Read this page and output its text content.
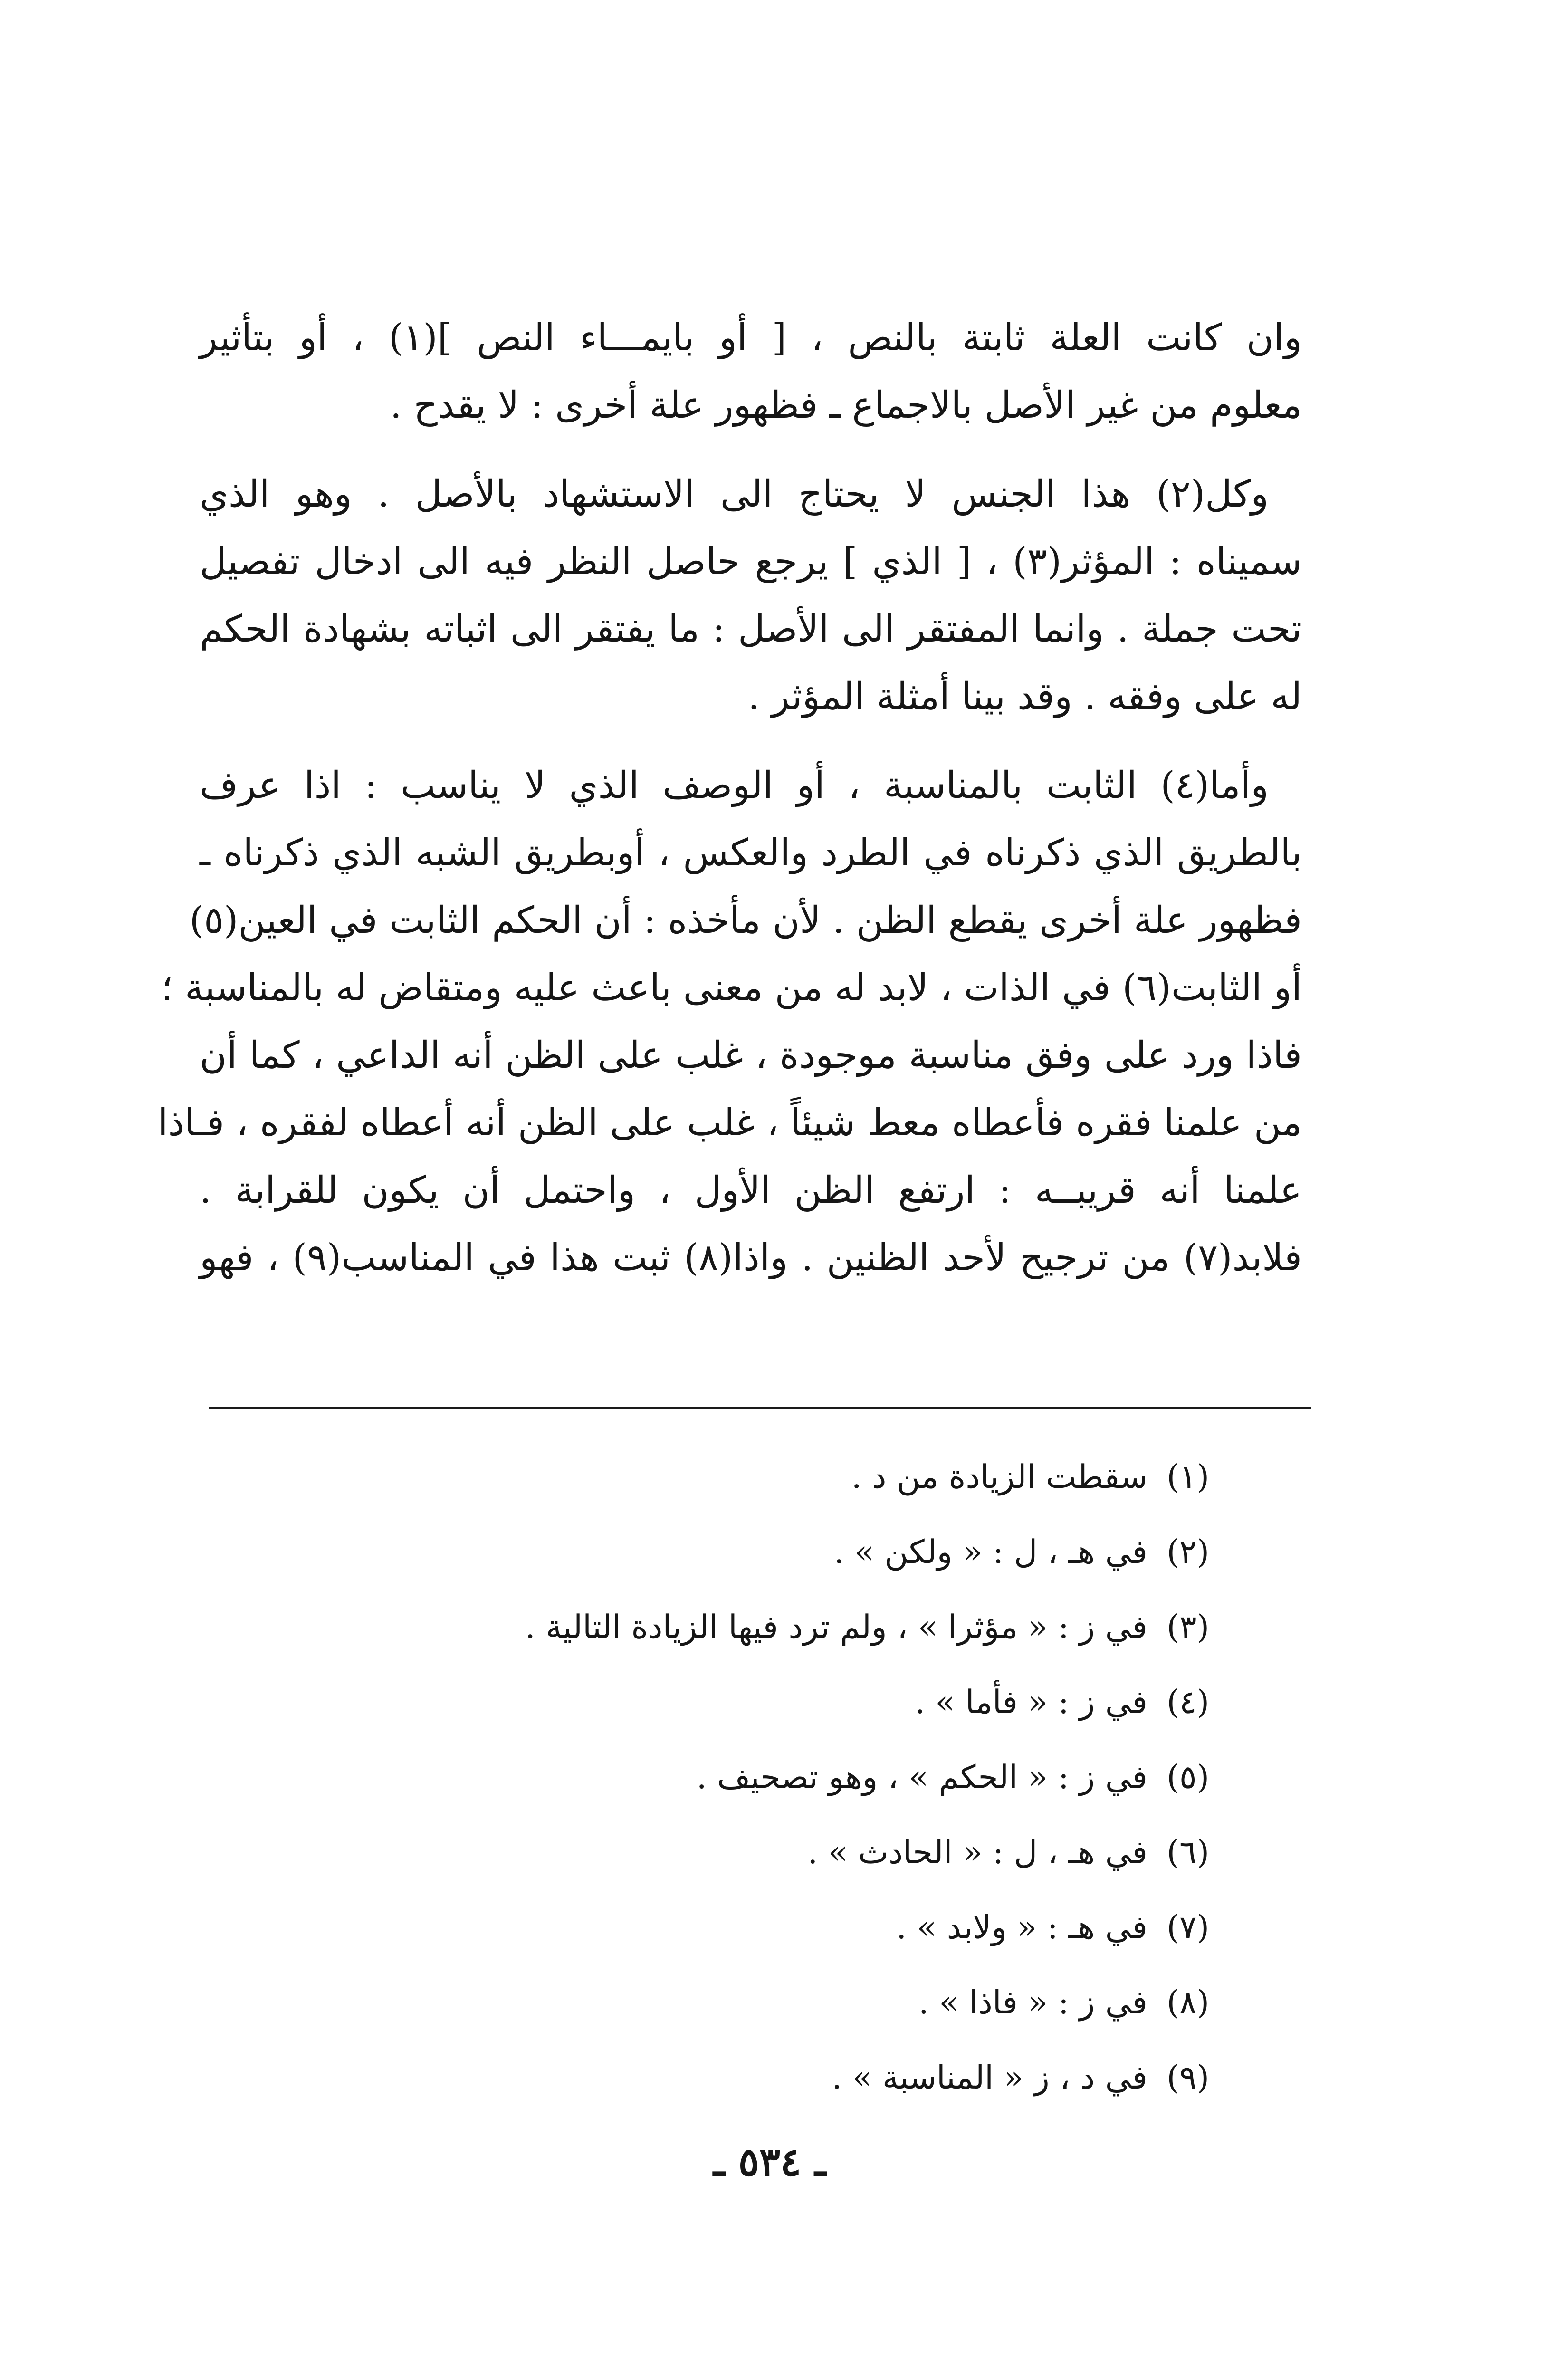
وان كانت العلة ثابتة بالنص ، [ أو بايمـــاء النص ](١) ، أو بتأثير
معلوم من غير الأصل بالاجماع ـ فظهور علة أخرى : لا يقدح .

وكل(٢) هذا الجنس لا يحتاج الى الاستشهاد بالأصل . وهو الذي
سميناه : المؤثر(٣) ، [ الذي ] يرجع حاصل النظر فيه الى ادخال تفصيل
تحت جملة . وانما المفتقر الى الأصل : ما يفتقر الى اثباته بشهادة الحكم
له على وفقه . وقد بينا أمثلة المؤثر .

وأما(٤) الثابت بالمناسبة ، أو الوصف الذي لا يناسب : اذا عرف
بالطريق الذي ذكرناه في الطرد والعكس ، أوبطريق الشبه الذي ذكرناه ـ
فظهور علة أخرى يقطع الظن . لأن مأخذه : أن الحكم الثابت في العين(٥)
أو الثابت(٦) في الذات ، لابد له من معنى باعث عليه ومتقاض له بالمناسبة ؛
فاذا ورد على وفق مناسبة موجودة ، غلب على الظن أنه الداعي ، كما أن
من علمنا فقره فأعطاه معط شيئاً ، غلب على الظن أنه أعطاه لفقره ، فـاذا
علمنا أنه قريبــه : ارتفع الظن الأول ، واحتمل أن يكون للقرابة .
فلابد(٧) من ترجيح لأحد الظنين . واذا(٨) ثبت هذا في المناسب(٩) ، فهو

(١)سقطت الزيادة من د .
(٢)في هـ ، ل : « ولكن » .
(٣)في ز : « مؤثرا » ، ولم ترد فيها الزيادة التالية .
(٤)في ز : « فأما » .
(٥)في ز : « الحكم » ، وهو تصحيف .
(٦)في هـ ، ل : « الحادث » .
(٧)في هـ : « ولابد » .
(٨)في ز : « فاذا » .
(٩)في د ، ز « المناسبة » .
ـ ٥٣٤ ـ
